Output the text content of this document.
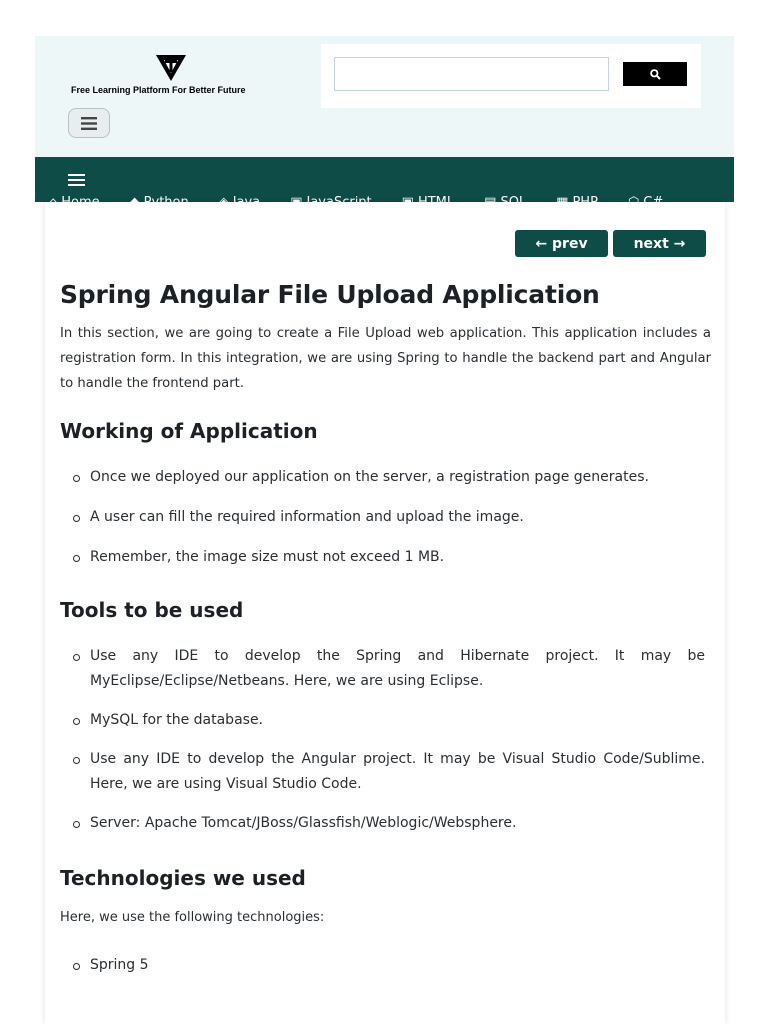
Free Learning Platform For Better Future
← prev	next →
Spring Angular File Upload Application

In this section, we are going to create a File Upload web application. This application includes a registration form. In this integration, we are using Spring to handle the backend part and Angular to handle the frontend part.

Working of Application
Once we deployed our application on the server, a registration page generates.
A user can fill the required information and upload the image.
Remember, the image size must not exceed 1 MB.
Tools to be used
Use any IDE to develop the Spring and Hibernate project. It may be MyEclipse/Eclipse/Netbeans. Here, we are using Eclipse.
MySQL for the database.
Use any IDE to develop the Angular project. It may be Visual Studio Code/Sublime. Here, we are using Visual Studio Code.
Server: Apache Tomcat/JBoss/Glassfish/Weblogic/Websphere.
Technologies we used

Here, we use the following technologies:

Spring 5
